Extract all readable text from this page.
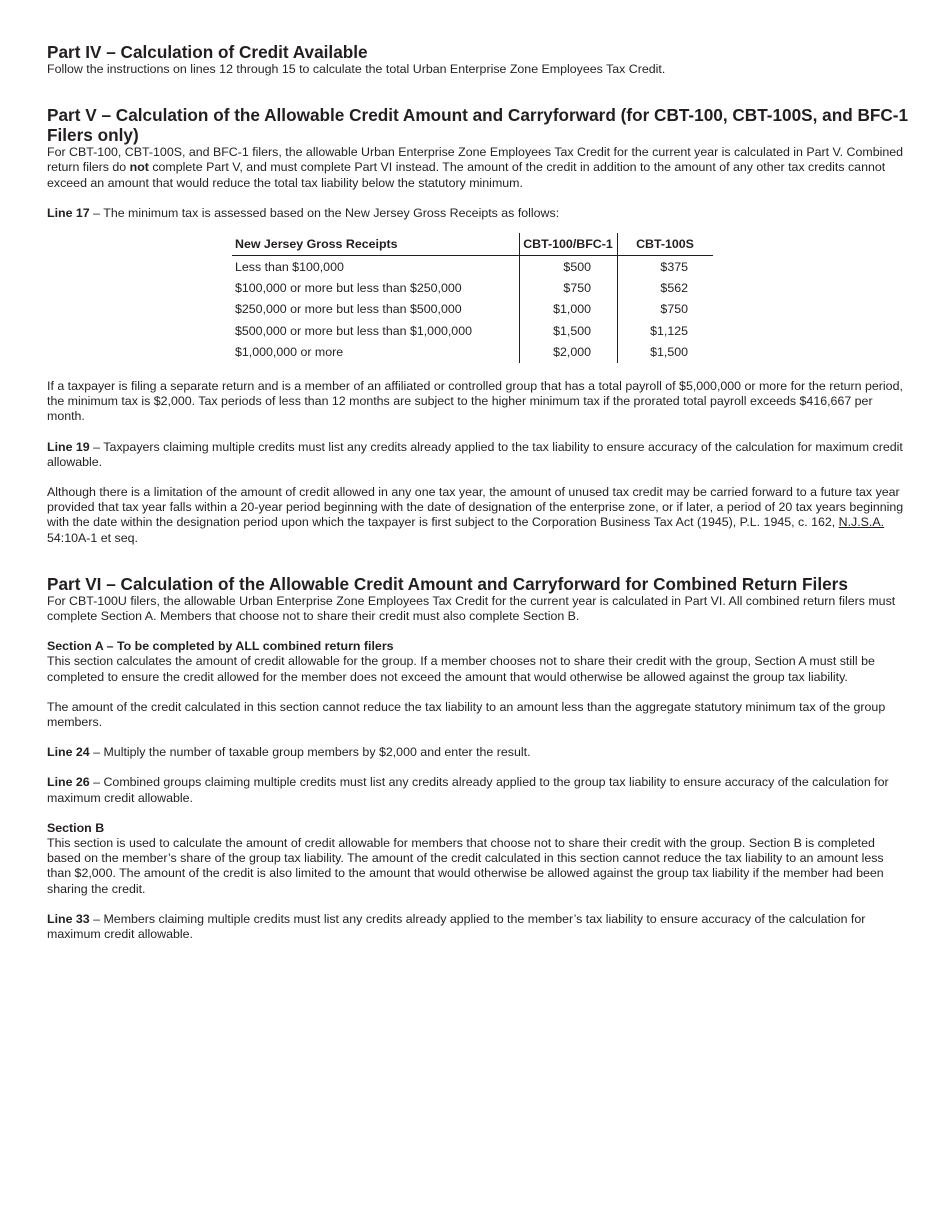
Part IV – Calculation of Credit Available

Follow the instructions on lines 12 through 15 to calculate the total Urban Enterprise Zone Employees Tax Credit.

Part V – Calculation of the Allowable Credit Amount and Carryforward (for CBT-100, CBT-100S, and BFC-1 Filers only)

For CBT-100, CBT-100S, and BFC-1 filers, the allowable Urban Enterprise Zone Employees Tax Credit for the current year is calculated in Part V. Combined return filers do not complete Part V, and must complete Part VI instead. The amount of the credit in addition to the amount of any other tax credits cannot exceed an amount that would reduce the total tax liability below the statutory minimum.

Line 17 – The minimum tax is assessed based on the New Jersey Gross Receipts as follows:

New Jersey Gross Receipts	CBT-100/BFC-1	CBT-100S
Less than $100,000	$500	$375
$100,000 or more but less than $250,000	$750	$562
$250,000 or more but less than $500,000	$1,000	$750
$500,000 or more but less than $1,000,000	$1,500	$1,125
$1,000,000 or more	$2,000	$1,500

If a taxpayer is filing a separate return and is a member of an affiliated or controlled group that has a total payroll of $5,000,000 or more for the return period, the minimum tax is $2,000. Tax periods of less than 12 months are subject to the higher minimum tax if the prorated total payroll exceeds $416,667 per month.

Line 19 – Taxpayers claiming multiple credits must list any credits already applied to the tax liability to ensure accuracy of the calculation for maximum credit allowable.

Although there is a limitation of the amount of credit allowed in any one tax year, the amount of unused tax credit may be carried forward to a future tax year provided that tax year falls within a 20-year period beginning with the date of designation of the enterprise zone, or if later, a period of 20 tax years beginning with the date within the designation period upon which the taxpayer is first subject to the Corporation Business Tax Act (1945), P.L. 1945, c. 162, N.J.S.A. 54:10A-1 et seq.

Part VI – Calculation of the Allowable Credit Amount and Carryforward for Combined Return Filers

For CBT-100U filers, the allowable Urban Enterprise Zone Employees Tax Credit for the current year is calculated in Part VI. All combined return filers must complete Section A. Members that choose not to share their credit must also complete Section B.

Section A – To be completed by ALL combined return filers

This section calculates the amount of credit allowable for the group. If a member chooses not to share their credit with the group, Section A must still be completed to ensure the credit allowed for the member does not exceed the amount that would otherwise be allowed against the group tax liability.

The amount of the credit calculated in this section cannot reduce the tax liability to an amount less than the aggregate statutory minimum tax of the group members.

Line 24 – Multiply the number of taxable group members by $2,000 and enter the result.

Line 26 – Combined groups claiming multiple credits must list any credits already applied to the group tax liability to ensure accuracy of the calculation for maximum credit allowable.

Section B

This section is used to calculate the amount of credit allowable for members that choose not to share their credit with the group. Section B is completed based on the member’s share of the group tax liability. The amount of the credit calculated in this section cannot reduce the tax liability to an amount less than $2,000. The amount of the credit is also limited to the amount that would otherwise be allowed against the group tax liability if the member had been sharing the credit.

Line 33 – Members claiming multiple credits must list any credits already applied to the member’s tax liability to ensure accuracy of the calculation for maximum credit allowable.
